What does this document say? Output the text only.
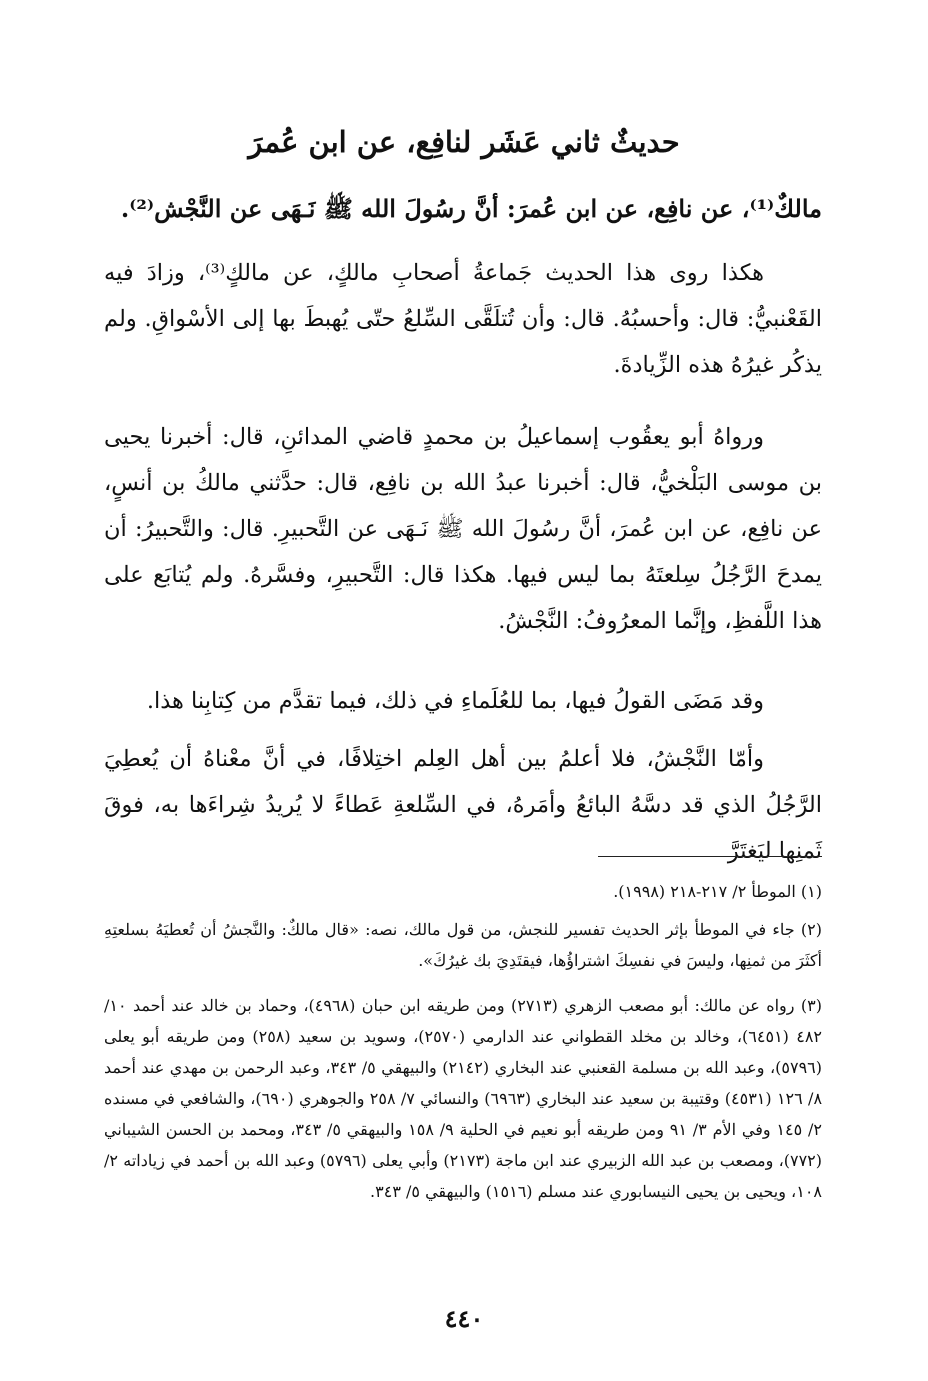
حديثٌ ثاني عَشَر لنافِع، عن ابن عُمرَ
مالكٌ⁽¹⁾، عن نافِع، عن ابن عُمرَ: أنَّ رسُولَ الله ﷺ نَـهَى عن النَّجْش⁽²⁾.
هكذا روى هذا الحديث جَماعةُ أصحابِ مالكٍ، عن مالكٍ⁽³⁾، وزادَ فيه القَعْنبيُّ: قال: وأحسبُهُ. قال: وأن تُتلَقَّى السِّلعُ حتّى يُهبطَ بها إلى الأسْواقِ. ولم يذكُر غيرُهُ هذه الزِّيادةَ.
ورواهُ أبو يعقُوب إسماعيلُ بن محمدٍ قاضي المدائنِ، قال: أخبرنا يحيى بن موسى البَلْخيُّ، قال: أخبرنا عبدُ الله بن نافِع، قال: حدَّثني مالكُ بن أنسٍ، عن نافِع، عن ابن عُمرَ، أنَّ رسُولَ الله ﷺ نَـهَى عن التَّحبيرِ. قال: والتَّحبيرُ: أن يمدحَ الرَّجُلُ سِلعتَهُ بما ليس فيها. هكذا قال: التَّحبيرِ، وفسَّرهُ. ولم يُتابَع على هذا اللَّفظِ، وإنَّما المعرُوفُ: النَّجْشُ.
وقد مَضَى القولُ فيها، بما للعُلَماءِ في ذلك، فيما تقدَّم من كِتابِنا هذا.
وأمّا النَّجْشُ، فلا أعلمُ بين أهل العِلم اختِلافًا، في أنَّ معْناهُ أن يُعطِيَ الرَّجُلُ الذي قد دسَّهُ البائعُ وأمَرهُ، في السِّلعةِ عَطاءً لا يُريدُ شِراءَها به، فوقَ ثَمنِها ليَغتَرَّ
(١) الموطأ ٢/ ٢١٧-٢١٨ (١٩٩٨).
(٢) جاء في الموطأ بإثر الحديث تفسير للنجش، من قول مالك، نصه: «قال مالكٌ: والنَّجشُ أن تُعطيَهُ بسلعتِهِ أكثَرَ من ثمنِها، وليسَ في نفسِكَ اشتراؤُها، فيقتَدِيَ بك غيرُكَ».
(٣) رواه عن مالك: أبو مصعب الزهري (٢٧١٣) ومن طريقه ابن حبان (٤٩٦٨)، وحماد بن خالد عند أحمد ١٠/ ٤٨٢ (٦٤٥١)، وخالد بن مخلد القطواني عند الدارمي (٢٥٧٠)، وسويد بن سعيد (٢٥٨) ومن طريقه أبو يعلى (٥٧٩٦)، وعبد الله بن مسلمة القعنبي عند البخاري (٢١٤٢) والبيهقي ٥/ ٣٤٣، وعبد الرحمن بن مهدي عند أحمد ٨/ ١٢٦ (٤٥٣١) وقتيبة بن سعيد عند البخاري (٦٩٦٣) والنسائي ٧/ ٢٥٨ والجوهري (٦٩٠)، والشافعي في مسنده ٢/ ١٤٥ وفي الأم ٣/ ٩١ ومن طريقه أبو نعيم في الحلية ٩/ ١٥٨ والبيهقي ٥/ ٣٤٣، ومحمد بن الحسن الشيباني (٧٧٢)، ومصعب بن عبد الله الزبيري عند ابن ماجة (٢١٧٣) وأبي يعلى (٥٧٩٦) وعبد الله بن أحمد في زياداته ٢/ ١٠٨، ويحيى بن يحيى النيسابوري عند مسلم (١٥١٦) والبيهقي ٥/ ٣٤٣.
٤٤٠
